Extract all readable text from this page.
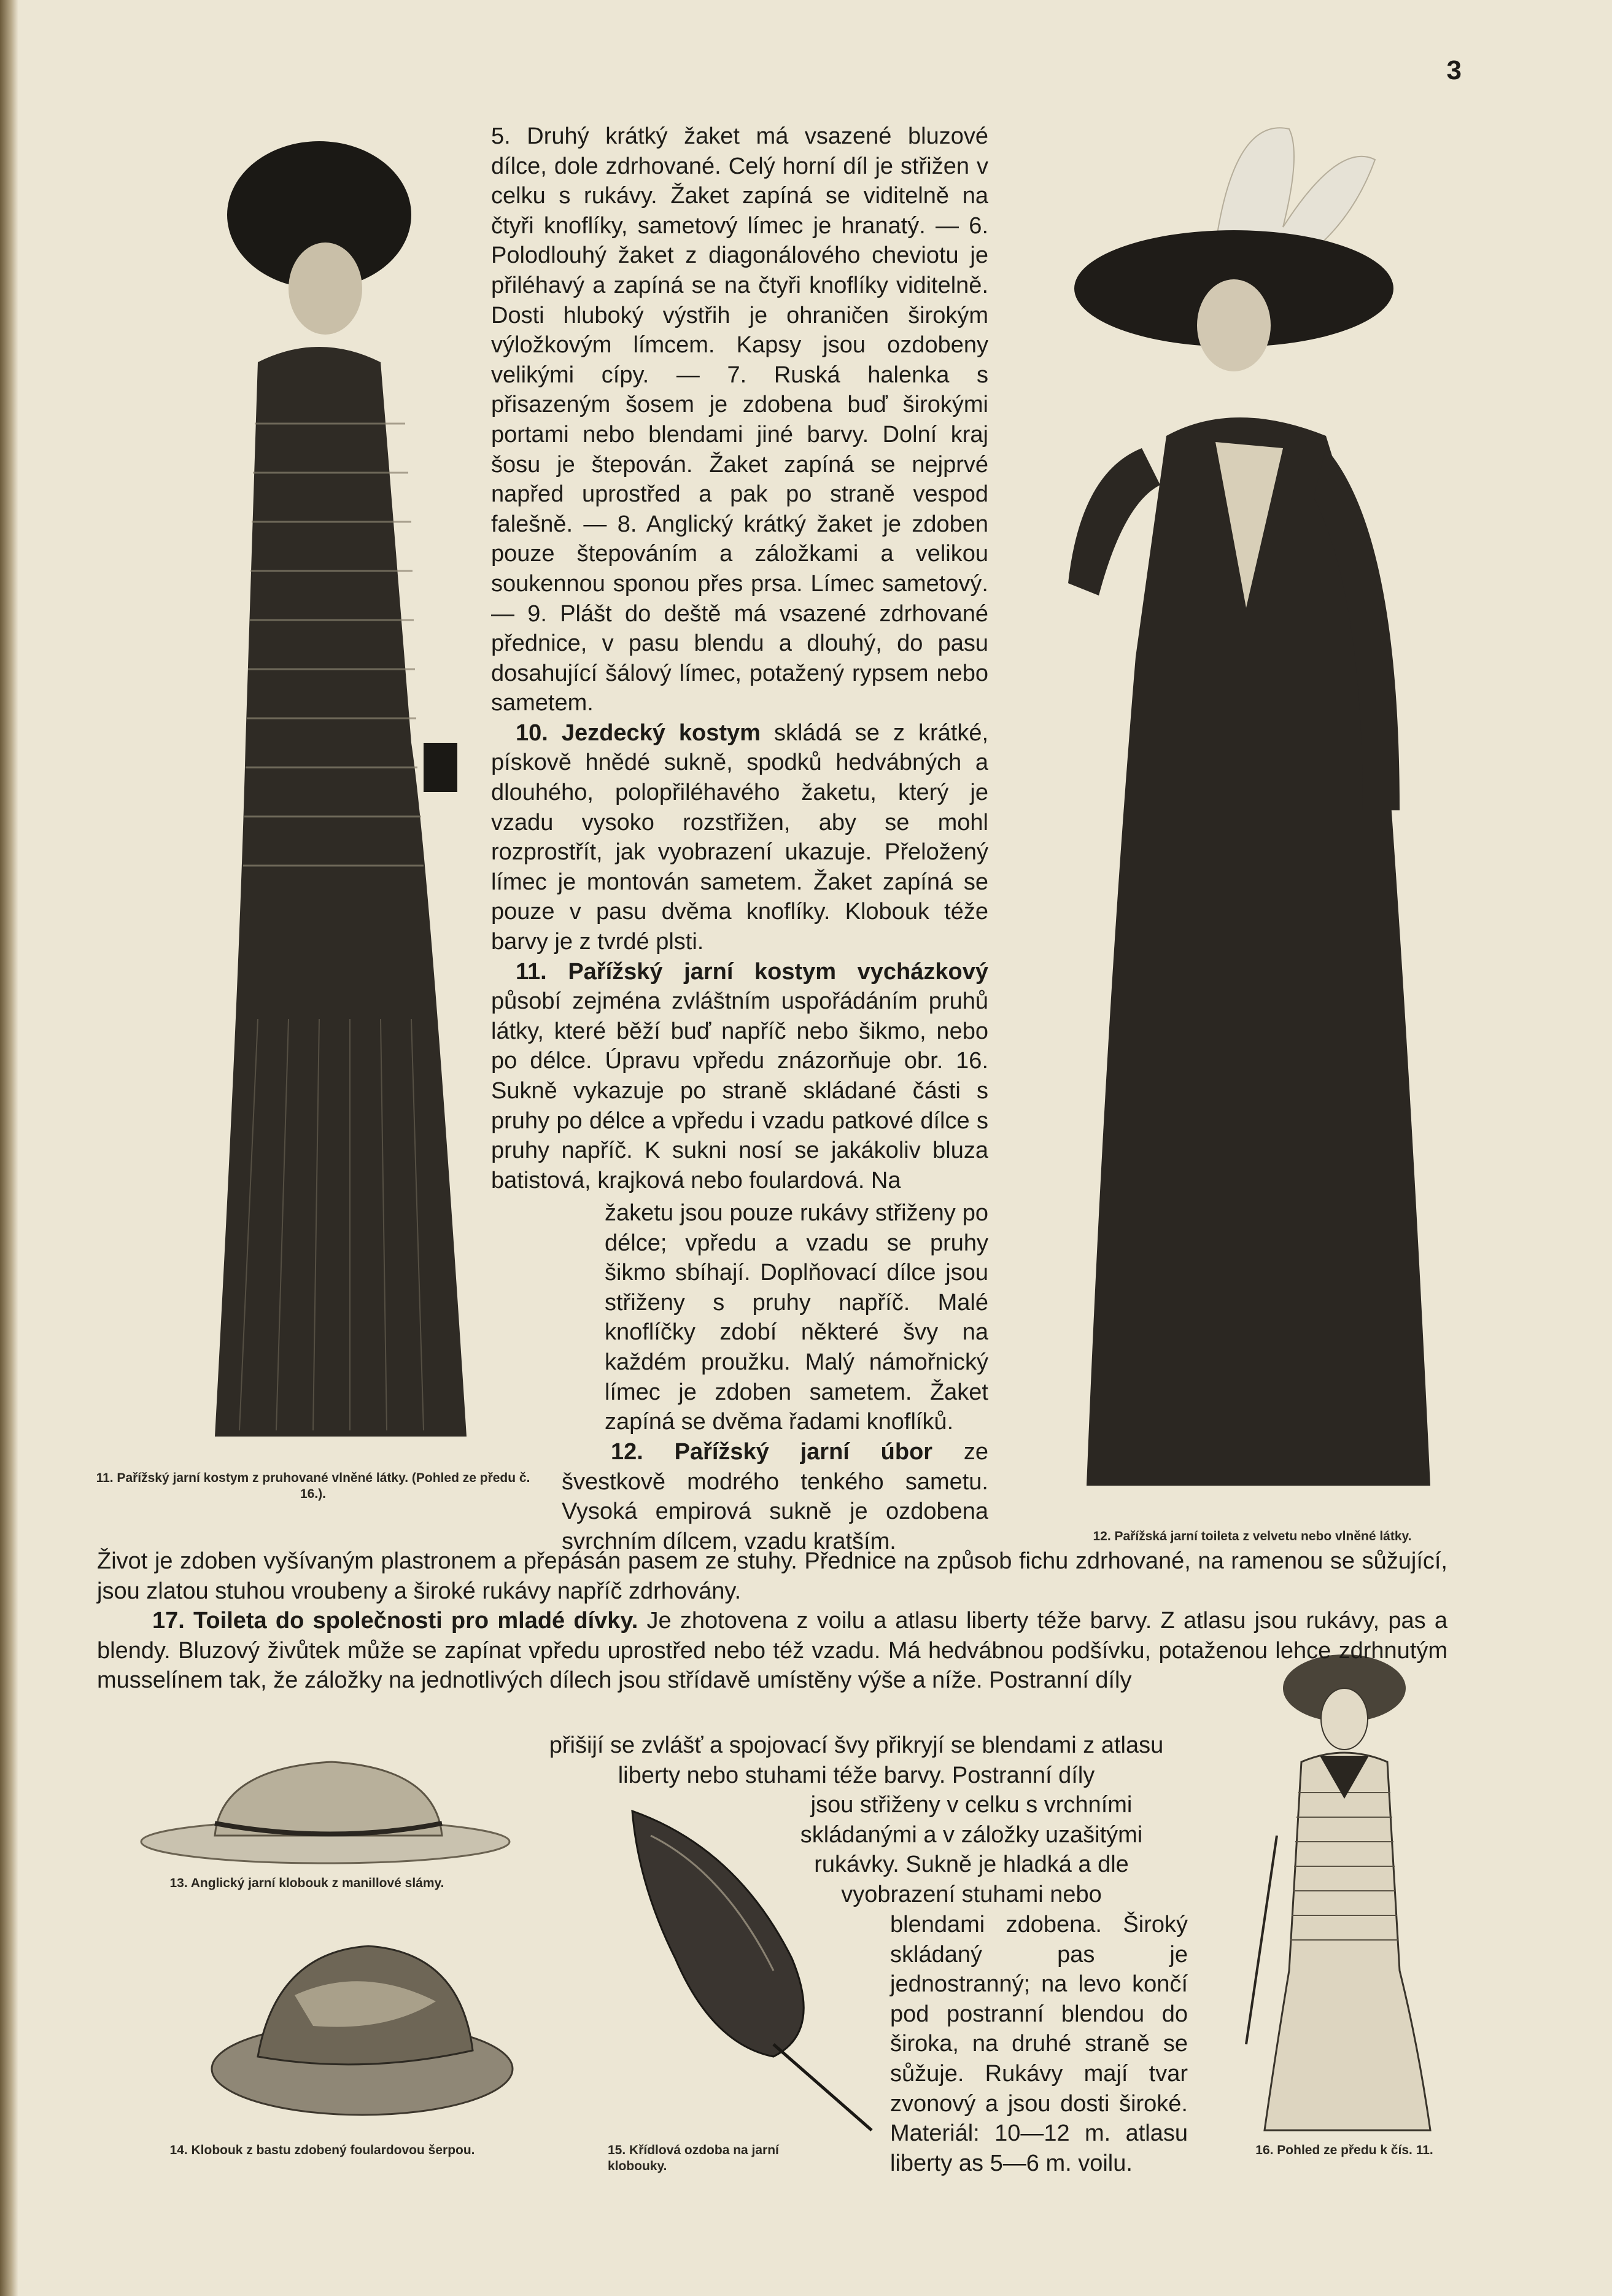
3
11. Pařížský jarní kostym z pruhované vlněné látky. (Pohled ze předu č. 16.).
12. Pařížská jarní toileta z velvetu nebo vlněné látky.
13. Anglický jarní klobouk z manillové slámy.
14. Klobouk z bastu zdobený foulardovou šerpou.	15. Křídlová ozdoba na jarní klobouky.
16. Pohled ze předu k čís. 11.

5. Druhý krátký žaket má vsazené bluzové dílce, dole zdrhované. Celý horní díl je střižen v celku s rukávy. Žaket zapíná se viditelně na čtyři knoflíky, sametový límec je hranatý. — 6. Polodlouhý žaket z diagonálového cheviotu je přiléhavý a zapíná se na čtyři knoflíky viditelně. Dosti hluboký výstřih je ohraničen širokým výložkovým límcem. Kapsy jsou ozdobeny velikými cípy. — 7. Ruská halenka s přisazeným šosem je zdobena buď širokými portami nebo blendami jiné barvy. Dolní kraj šosu je štepován. Žaket zapíná se nejprvé napřed uprostřed a pak po straně vespod falešně. — 8. Anglický krátký žaket je zdoben pouze štepováním a záložkami a velikou soukennou sponou přes prsa. Límec sametový. — 9. Plášt do deště má vsazené zdrhované přednice, v pasu blendu a dlouhý, do pasu dosahující šálový límec, potažený rypsem nebo sametem.

10. Jezdecký kostym skládá se z krátké, pískově hnědé sukně, spodků hedvábných a dlouhého, polopřiléhavého žaketu, který je vzadu vysoko rozstřižen, aby se mohl rozprostřít, jak vyobrazení ukazuje. Přeložený límec je montován sametem. Žaket zapíná se pouze v pasu dvěma knoflíky. Klobouk téže barvy je z tvrdé plsti.

11. Pařížský jarní kostym vycházkový působí zejména zvláštním uspořádáním pruhů látky, které běží buď napříč nebo šikmo, nebo po délce. Úpravu vpředu znázorňuje obr. 16. Sukně vykazuje po straně skládané části s pruhy po délce a vpředu i vzadu patkové dílce s pruhy napříč. K sukni nosí se jakákoliv bluza batistová, krajková nebo foulardová. Na

žaketu jsou pouze rukávy střiženy po délce; vpředu a vzadu se pruhy šikmo sbíhají. Doplňovací dílce jsou střiženy s pruhy napříč. Malé knoflíčky zdobí některé švy na každém proužku. Malý námořnický límec je zdoben sametem. Žaket zapíná se dvěma řadami knoflíků.

12. Pařížský jarní úbor ze švestkově modrého tenkého sametu. Vysoká empirová sukně je ozdobena svrchním dílcem, vzadu kratším.

Život je zdoben vyšívaným plastronem a přepásán pasem ze stuhy. Přednice na způsob fichu zdrhované, na ramenou se sůžující, jsou zlatou stuhou vroubeny a široké rukávy napříč zdrhovány.

17. Toileta do společnosti pro mladé dívky. Je zhotovena z voilu a atlasu liberty téže barvy. Z atlasu jsou rukávy, pas a blendy. Bluzový živůtek může se zapínat vpředu uprostřed nebo též vzadu. Má hedvábnou podšívku, potaženou lehce zdrhnutým musselínem tak, že záložky na jednotlivých dílech jsou střídavě umístěny výše a níže. Postranní díly

přišijí se zvlášť a spojovací švy přikryjí se blendami z atlasu liberty nebo stuhami téže barvy. Postranní díly

jsou střiženy v celku s vrchními skládanými a v záložky uzašitými rukávky. Sukně je hladká a dle vyobrazení stuhami nebo

blendami zdobena. Široký skládaný pas je jednostranný; na levo končí pod postranní blendou do široka, na druhé straně se sůžuje. Rukávy mají tvar zvonový a jsou dosti široké. Materiál: 10—12 m. atlasu liberty as 5—6 m. voilu.
